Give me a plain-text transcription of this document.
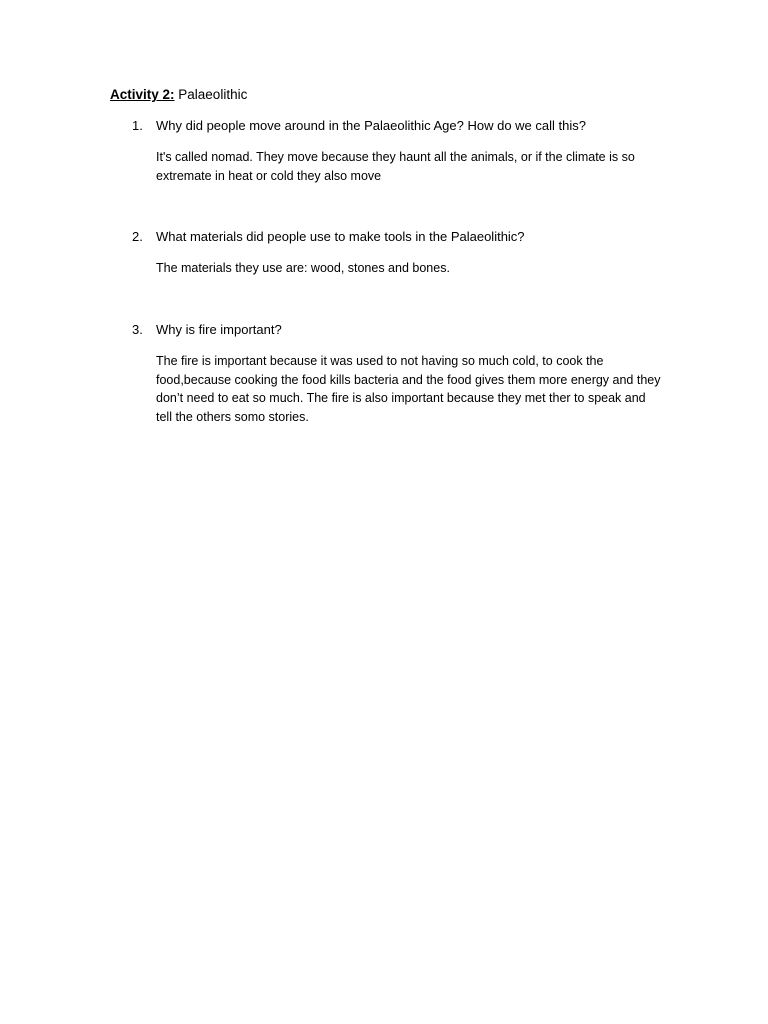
Activity 2: Palaeolithic
1. Why did people move around in the Palaeolithic Age? How do we call this?
It's called nomad. They move because they haunt all the animals, or if the climate is so extremate in heat or cold they also move
2. What materials did people use to make tools in the Palaeolithic?
The materials they use are: wood, stones and bones.
3. Why is fire important?
The fire is important because it was used to not having so much cold, to cook the food,because cooking the food kills bacteria and the food gives them more energy and they don’t need to eat so much. The fire is also important because they met ther to speak and tell the others somo stories.
